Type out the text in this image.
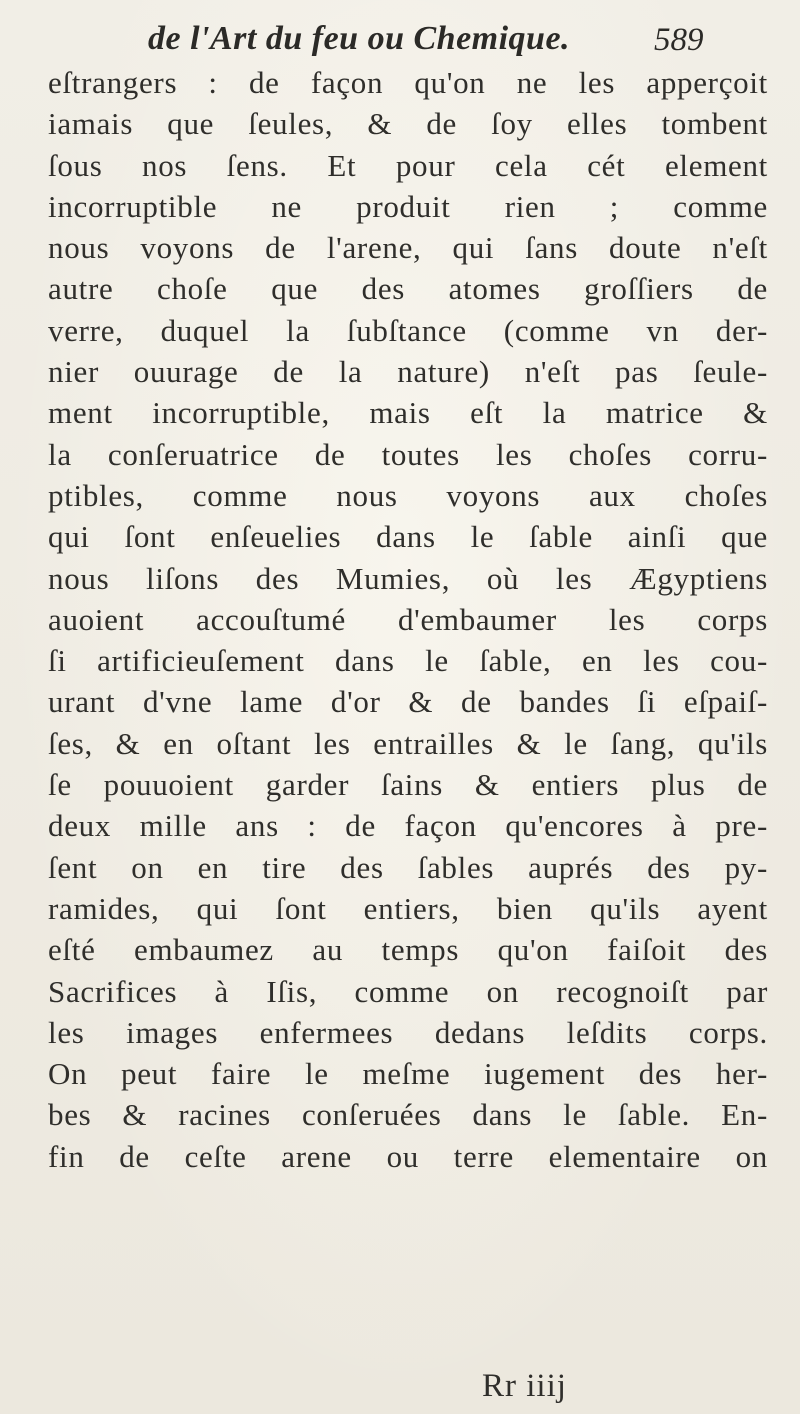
de l'Art du feu ou Chemique.	589
eſtrangers : de façon qu'on ne les apperçoit
iamais que ſeules, & de ſoy elles tombent
ſous nos ſens. Et pour cela cét element
incorruptible ne produit rien ; comme
nous voyons de l'arene, qui ſans doute n'eſt
autre choſe que des atomes groſſiers de
verre, duquel la ſubſtance (comme vn der-
nier ouurage de la nature) n'eſt pas ſeule-
ment incorruptible, mais eſt la matrice &
la conſeruatrice de toutes les choſes corru-
ptibles, comme nous voyons aux choſes
qui ſont enſeuelies dans le ſable ainſi que
nous liſons des Mumies, où les Ægyptiens
auoient accouſtumé d'embaumer les corps
ſi artificieuſement dans le ſable, en les cou-
urant d'vne lame d'or & de bandes ſi eſpaiſ-
ſes, & en oſtant les entrailles & le ſang, qu'ils
ſe pouuoient garder ſains & entiers plus de
deux mille ans : de façon qu'encores à pre-
ſent on en tire des ſables auprés des py-
ramides, qui ſont entiers, bien qu'ils ayent
eſté embaumez au temps qu'on faiſoit des
Sacrifices à Iſis, comme on recognoiſt par
les images enfermees dedans leſdits corps.
On peut faire le meſme iugement des her-
bes & racines conſeruées dans le ſable. En-
fin de ceſte arene ou terre elementaire on
Rr iiij
